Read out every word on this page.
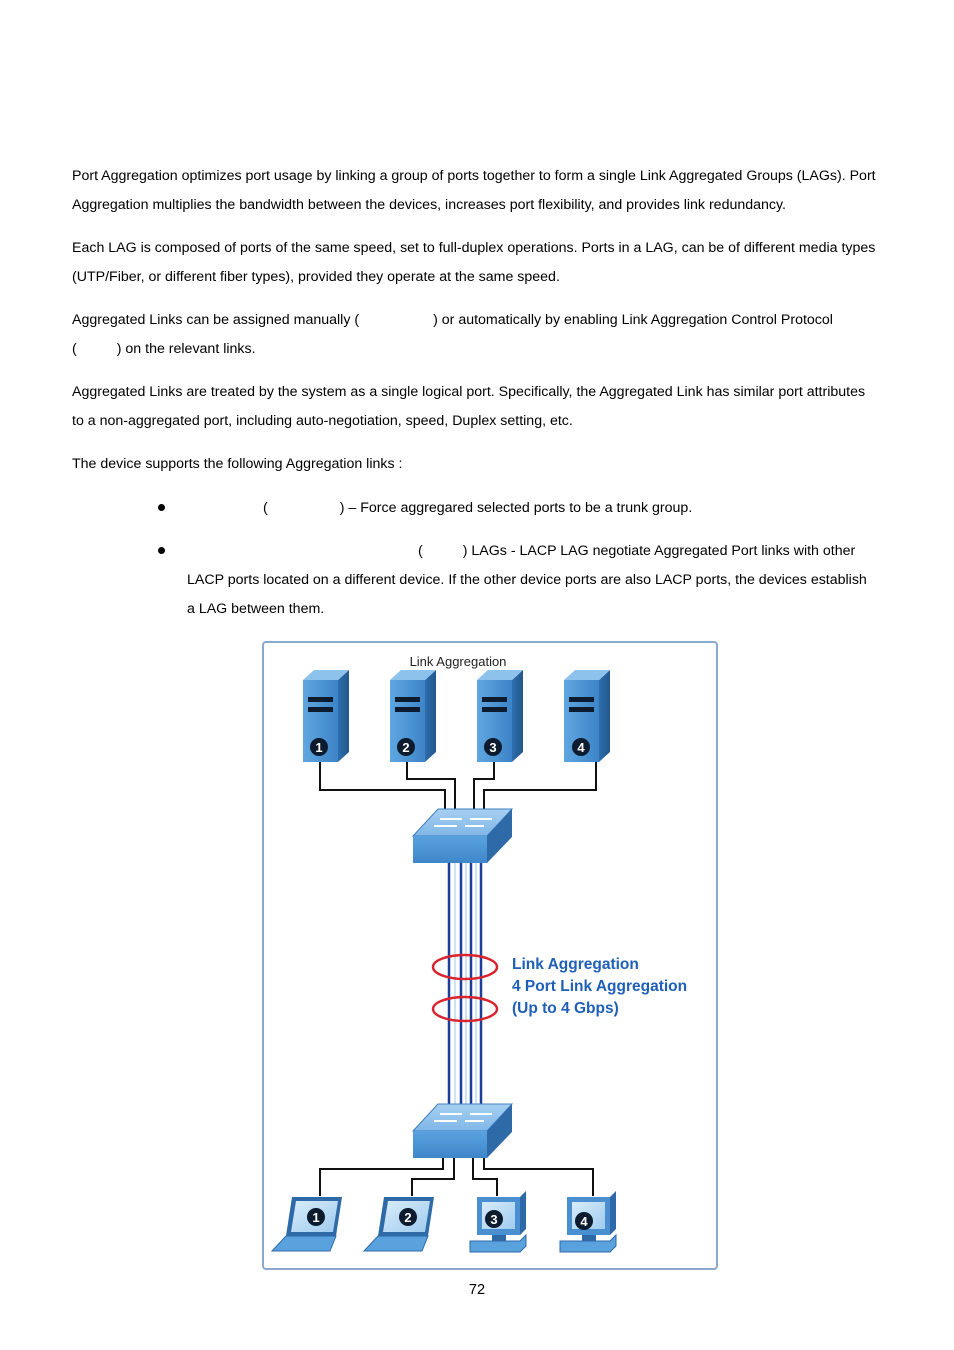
Port Aggregation optimizes port usage by linking a group of ports together to form a single Link Aggregated Groups (LAGs). Port
Aggregation multiplies the bandwidth between the devices, increases port flexibility, and provides link redundancy.
Each LAG is composed of ports of the same speed, set to full-duplex operations. Ports in a LAG, can be of different media types
(UTP/Fiber, or different fiber types), provided they operate at the same speed.
Aggregated Links can be assigned manually (	) or automatically by enabling Link Aggregation Control Protocol
(	) on the relevant links.
Aggregated Links are treated by the system as a single logical port. Specifically, the Aggregated Link has similar port attributes
to a non-aggregated port, including auto-negotiation, speed, Duplex setting, etc.
The device supports the following Aggregation links :
(	) – Force aggregared selected ports to be a trunk group.
(	) LAGs - LACP LAG negotiate Aggregated Port links with other
LACP ports located on a different device. If the other device ports are also LACP ports, the devices establish
a LAG between them.
Link Aggregation
1	2	3	4
Link Aggregation
4 Port Link Aggregation
(Up to 4 Gbps)
1	2	3	4
72
